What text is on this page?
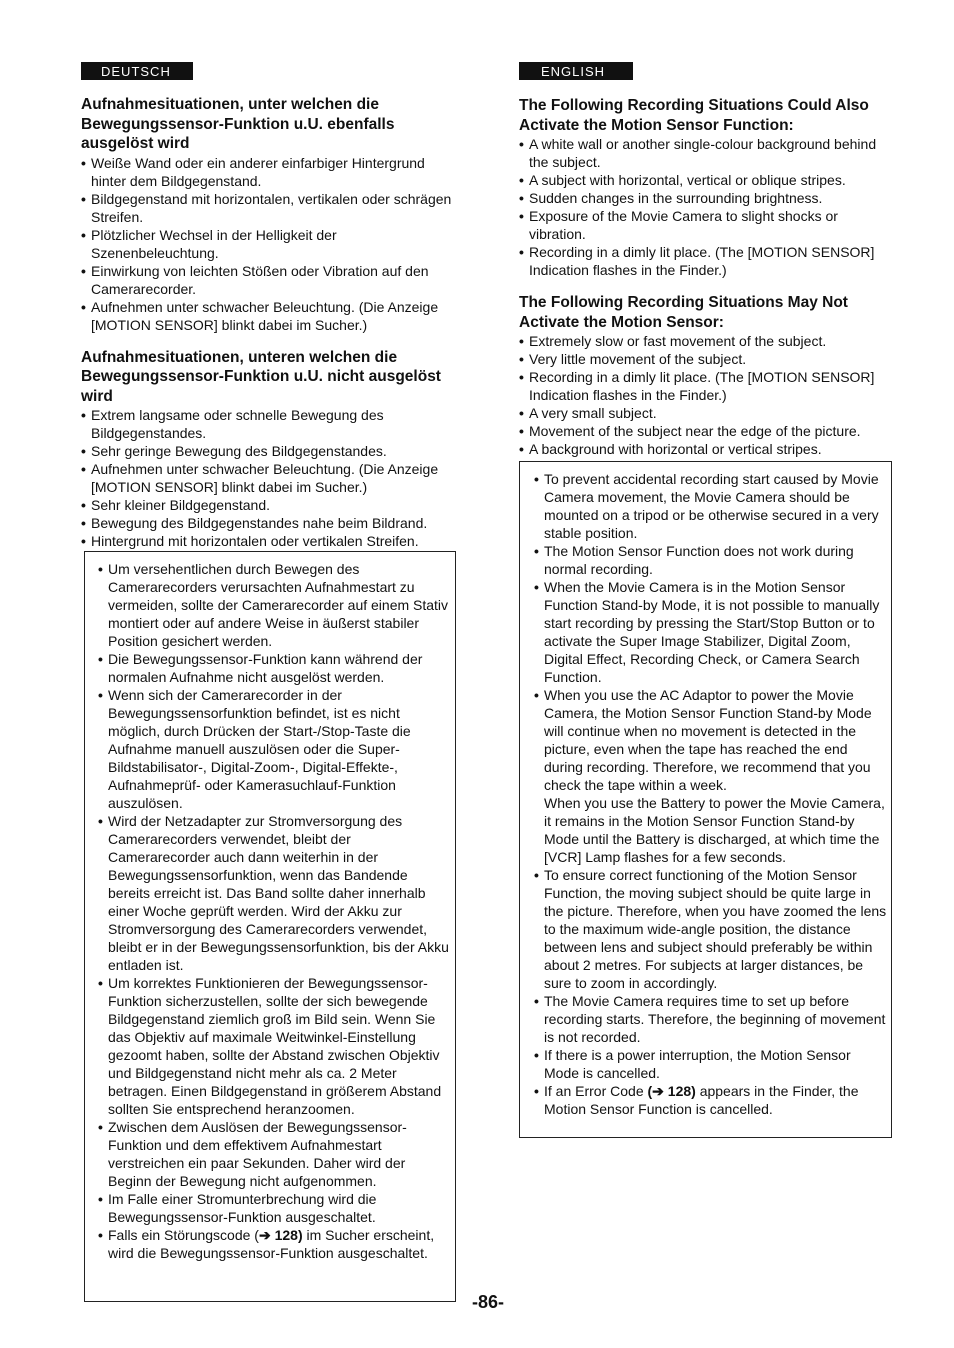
DEUTSCH
Aufnahmesituationen, unter welchen die Bewegungssensor-Funktion u.U. ebenfalls ausgelöst wird
• Weiße Wand oder ein anderer einfarbiger Hintergrund hinter dem Bildgegenstand.
• Bildgegenstand mit horizontalen, vertikalen oder schrägen Streifen.
• Plötzlicher Wechsel in der Helligkeit der Szenenbeleuchtung.
• Einwirkung von leichten Stößen oder Vibration auf den Camerarecorder.
• Aufnehmen unter schwacher Beleuchtung. (Die Anzeige [MOTION SENSOR] blinkt dabei im Sucher.)
Aufnahmesituationen, unteren welchen die Bewegungssensor-Funktion u.U. nicht ausgelöst wird
• Extrem langsame oder schnelle Bewegung des Bildgegenstandes.
• Sehr geringe Bewegung des Bildgegenstandes.
• Aufnehmen unter schwacher Beleuchtung. (Die Anzeige [MOTION SENSOR] blinkt dabei im Sucher.)
• Sehr kleiner Bildgegenstand.
• Bewegung des Bildgegenstandes nahe beim Bildrand.
• Hintergrund mit horizontalen oder vertikalen Streifen.
• Um versehentlichen durch Bewegen des Camerarecorders verursachten Aufnahmestart zu vermeiden, sollte der Camerarecorder auf einem Stativ montiert oder auf andere Weise in äußerst stabiler Position gesichert werden.
• Die Bewegungssensor-Funktion kann während der normalen Aufnahme nicht ausgelöst werden.
• Wenn sich der Camerarecorder in der Bewegungssensorfunktion befindet, ist es nicht möglich, durch Drücken der Start-/Stop-Taste die Aufnahme manuell auszulösen oder die Super-Bildstabilisator-, Digital-Zoom-, Digital-Effekte-, Aufnahmeprüf- oder Kamerasuchlauf-Funktion auszulösen.
• Wird der Netzadapter zur Stromversorgung des Camerarecorders verwendet, bleibt der Camerarecorder auch dann weiterhin in der Bewegungssensorfunktion, wenn das Bandende bereits erreicht ist. Das Band sollte daher innerhalb einer Woche geprüft werden. Wird der Akku zur Stromversorgung des Camerarecorders verwendet, bleibt er in der Bewegungssensorfunktion, bis der Akku entladen ist.
• Um korrektes Funktionieren der Bewegungssensor-Funktion sicherzustellen, sollte der sich bewegende Bildgegenstand ziemlich groß im Bild sein. Wenn Sie das Objektiv auf maximale Weitwinkel-Einstellung gezoomt haben, sollte der Abstand zwischen Objektiv und Bildgegenstand nicht mehr als ca. 2 Meter betragen. Einen Bildgegenstand in größerem Abstand sollten Sie entsprechend heranzoomen.
• Zwischen dem Auslösen der Bewegungssensor-Funktion und dem effektivem Aufnahmestart verstreichen ein paar Sekunden. Daher wird der Beginn der Bewegung nicht aufgenommen.
• Im Falle einer Stromunterbrechung wird die Bewegungssensor-Funktion ausgeschaltet.
• Falls ein Störungscode (➔ 128) im Sucher erscheint, wird die Bewegungssensor-Funktion ausgeschaltet.
ENGLISH
The Following Recording Situations Could Also Activate the Motion Sensor Function:
• A white wall or another single-colour background behind the subject.
• A subject with horizontal, vertical or oblique stripes.
• Sudden changes in the surrounding brightness.
• Exposure of the Movie Camera to slight shocks or vibration.
• Recording in a dimly lit place. (The [MOTION SENSOR] Indication flashes in the Finder.)
The Following Recording Situations May Not Activate the Motion Sensor:
• Extremely slow or fast movement of the subject.
• Very little movement of the subject.
• Recording in a dimly lit place. (The [MOTION SENSOR] Indication flashes in the Finder.)
• A very small subject.
• Movement of the subject near the edge of the picture.
• A background with horizontal or vertical stripes.
• To prevent accidental recording start caused by Movie Camera movement, the Movie Camera should be mounted on a tripod or be otherwise secured in a very stable position.
• The Motion Sensor Function does not work during normal recording.
• When the Movie Camera is in the Motion Sensor Function Stand-by Mode, it is not possible to manually start recording by pressing the Start/Stop Button or to activate the Super Image Stabilizer, Digital Zoom, Digital Effect, Recording Check, or Camera Search Function.
• When you use the AC Adaptor to power the Movie Camera, the Motion Sensor Function Stand-by Mode will continue when no movement is detected in the picture, even when the tape has reached the end during recording. Therefore, we recommend that you check the tape within a week.
When you use the Battery to power the Movie Camera, it remains in the Motion Sensor Function Stand-by Mode until the Battery is discharged, at which time the [VCR] Lamp flashes for a few seconds.
• To ensure correct functioning of the Motion Sensor Function, the moving subject should be quite large in the picture. Therefore, when you have zoomed the lens to the maximum wide-angle position, the distance between lens and subject should preferably be within about 2 metres. For subjects at larger distances, be sure to zoom in accordingly.
• The Movie Camera requires time to set up before recording starts. Therefore, the beginning of movement is not recorded.
• If there is a power interruption, the Motion Sensor Mode is cancelled.
• If an Error Code (➔ 128) appears in the Finder, the Motion Sensor Function is cancelled.
-86-
